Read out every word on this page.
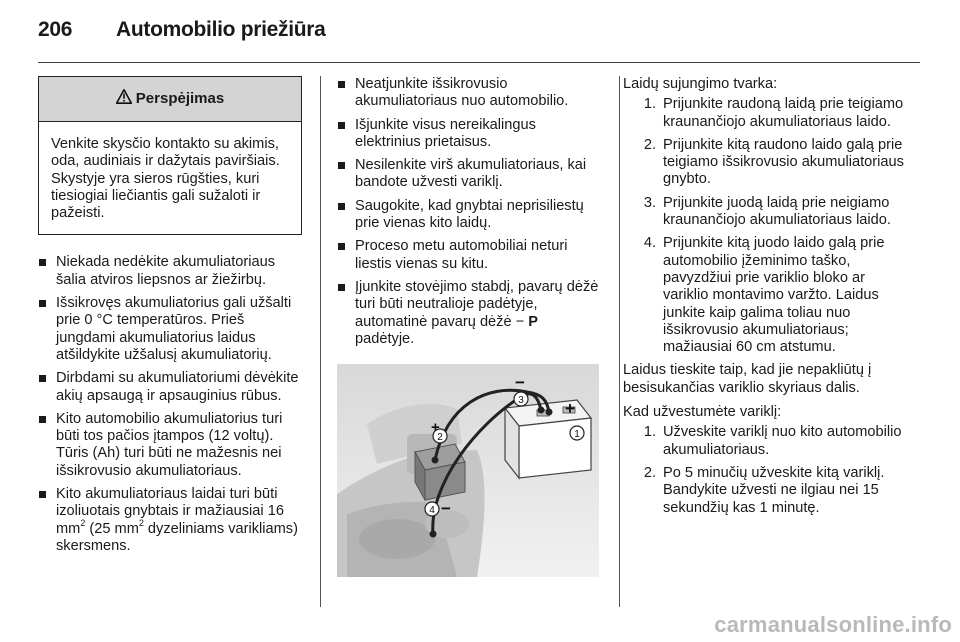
206 Automobilio priežiūra
Perspėjimas
Venkite skysčio kontakto su akimis, oda, audiniais ir dažytais paviršiais. Skystyje yra sieros rūgšties, kuri tiesiogiai liečiantis gali sužaloti ir pažeisti.
Niekada nedėkite akumuliatoriaus šalia atviros liepsnos ar žiežirbų.
Išsikrovęs akumuliatorius gali užšalti prie 0 °C temperatūros. Prieš jungdami akumuliatorius laidus atšildykite užšalusį akumuliatorių.
Dirbdami su akumuliatoriumi dėvėkite akių apsaugą ir apsauginius rūbus.
Kito automobilio akumuliatorius turi būti tos pačios įtampos (12 voltų). Tūris (Ah) turi būti ne mažesnis nei išsikrovusio akumuliatoriaus.
Kito akumuliatoriaus laidai turi būti izoliuotais gnybtais ir mažiausiai 16 $mm^2$ (25 $mm^2$ dyzeliniams varikliams) skersmens.
Neatjunkite išsikrovusio akumuliatoriaus nuo automobilio.
Išjunkite visus nereikalingus elektrinius prietaisus.
Nesilenkite virš akumuliatoriaus, kai bandote užvesti variklį.
Saugokite, kad gnybtai neprisiliestų prie vienas kito laidų.
Proceso metu automobiliai neturi liestis vienas su kitu.
Įjunkite stovėjimo stabdį, pavarų dėžė turi būti neutralioje padėtyje, automatinė pavarų dėžė − P
padėtyje.
1
2
3
4
+
+
−
−
Laidų sujungimo tvarka:
1. Prijunkite raudoną laidą prie teigiamo kraunančiojo akumuliatoriaus laido.
2. Prijunkite kitą raudono laido galą prie teigiamo išsikrovusio akumuliatoriaus gnybto.
3. Prijunkite juodą laidą prie neigiamo kraunančiojo akumuliatoriaus laido.
4. Prijunkite kitą juodo laido galą prie automobilio įžeminimo taško, pavyzdžiui prie variklio bloko ar variklio montavimo varžto. Laidus junkite kaip galima toliau nuo išsikrovusio akumuliatoriaus; mažiausiai 60 cm atstumu.
Laidus tieskite taip, kad jie nepakliūtų į besisukančias variklio skyriaus dalis.
Kad užvestumėte variklį:
1. Užveskite variklį nuo kito automobilio akumuliatoriaus.
2. Po 5 minučių užveskite kitą variklį. Bandykite užvesti ne ilgiau nei 15 sekundžių kas 1 minutę.
carmanualsonline.info
